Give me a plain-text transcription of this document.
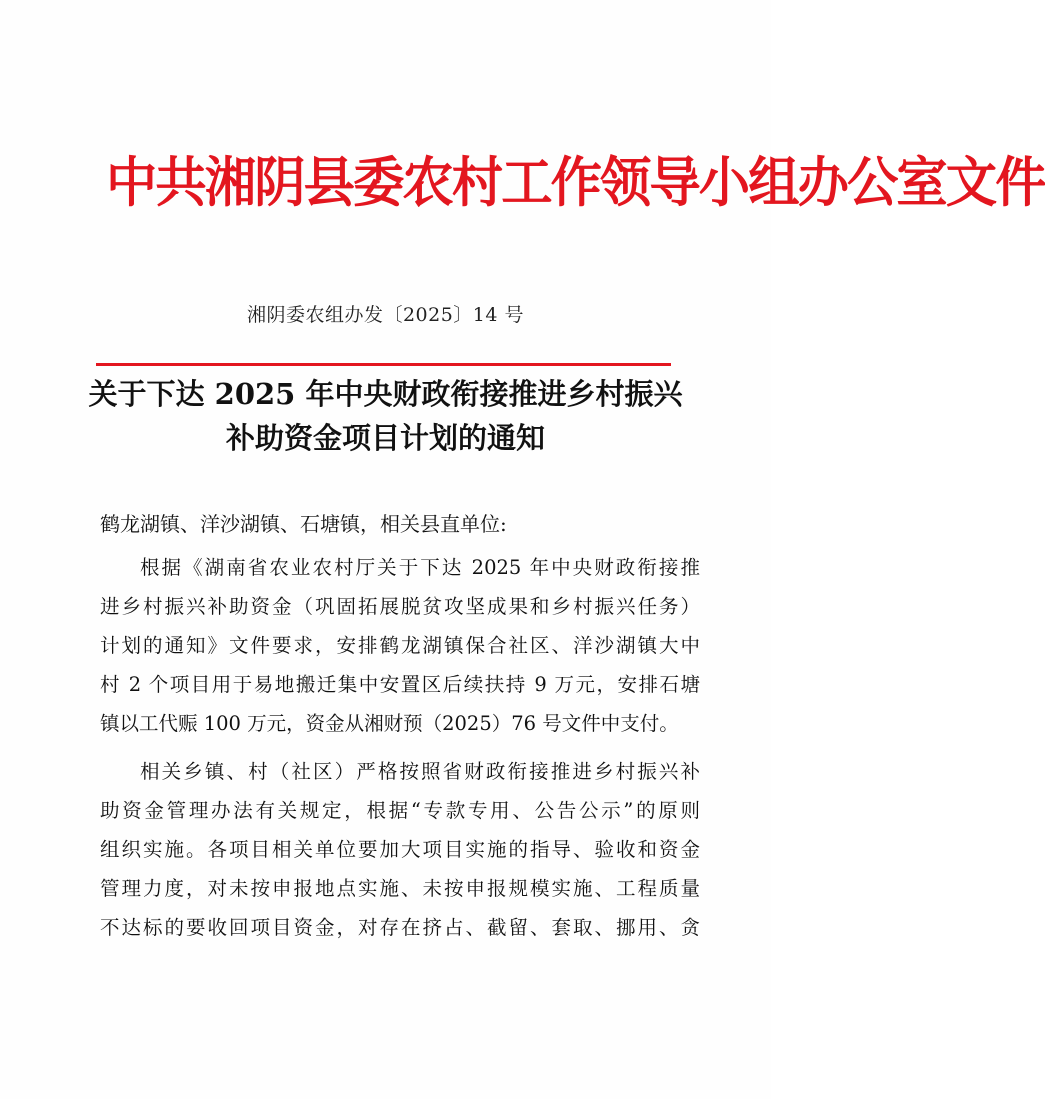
中共湘阴县委农村工作领导小组办公室文件
湘阴委农组办发〔2025〕14 号
关于下达 2025 年中央财政衔接推进乡村振兴
补助资金项目计划的通知
鹤龙湖镇、洋沙湖镇、石塘镇，相关县直单位:
根据《湖南省农业农村厅关于下达 2025 年中央财政衔接推
进乡村振兴补助资金（巩固拓展脱贫攻坚成果和乡村振兴任务）
计划的通知》文件要求，安排鹤龙湖镇保合社区、洋沙湖镇大中
村 2 个项目用于易地搬迁集中安置区后续扶持 9 万元，安排石塘
镇以工代赈 100 万元，资金从湘财预（2025）76 号文件中支付。
相关乡镇、村（社区）严格按照省财政衔接推进乡村振兴补
助资金管理办法有关规定，根据“专款专用、公告公示”的原则
组织实施。各项目相关单位要加大项目实施的指导、验收和资金
管理力度，对未按申报地点实施、未按申报规模实施、工程质量
不达标的要收回项目资金，对存在挤占、截留、套取、挪用、贪
